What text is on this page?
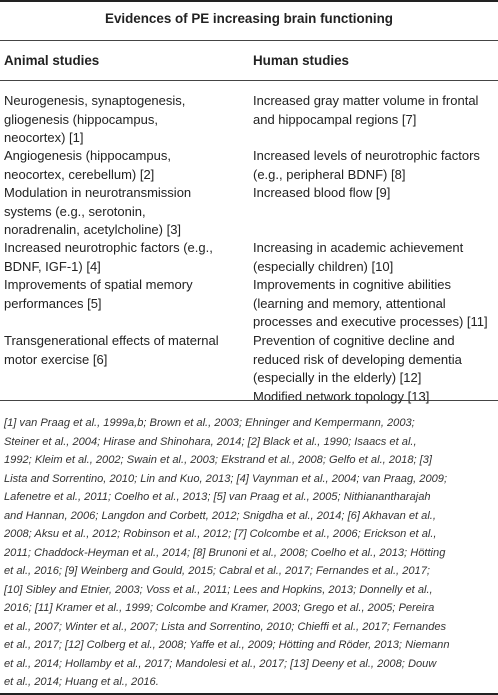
Evidences of PE increasing brain functioning
Animal studies	Human studies
Neurogenesis, synaptogenesis,
gliogenesis (hippocampus,
neocortex) [1]
Increased gray matter volume in frontal
and hippocampal regions [7]
Angiogenesis (hippocampus,
neocortex, cerebellum) [2]
Increased levels of neurotrophic factors
(e.g., peripheral BDNF) [8]
Modulation in neurotransmission
systems (e.g., serotonin,
noradrenalin, acetylcholine) [3]
Increased blood flow [9]
Increased neurotrophic factors (e.g.,
BDNF, IGF-1) [4]
Increasing in academic achievement
(especially children) [10]
Improvements of spatial memory
performances [5]
Improvements in cognitive abilities
(learning and memory, attentional
processes and executive processes) [11]
Transgenerational effects of maternal
motor exercise [6]
Prevention of cognitive decline and
reduced risk of developing dementia
(especially in the elderly) [12]
Modified network topology [13]
[1] van Praag et al., 1999a,b; Brown et al., 2003; Ehninger and Kempermann, 2003;
Steiner et al., 2004; Hirase and Shinohara, 2014; [2] Black et al., 1990; Isaacs et al.,
1992; Kleim et al., 2002; Swain et al., 2003; Ekstrand et al., 2008; Gelfo et al., 2018; [3]
Lista and Sorrentino, 2010; Lin and Kuo, 2013; [4] Vaynman et al., 2004; van Praag, 2009;
Lafenetre et al., 2011; Coelho et al., 2013; [5] van Praag et al., 2005; Nithianantharajah
and Hannan, 2006; Langdon and Corbett, 2012; Snigdha et al., 2014; [6] Akhavan et al.,
2008; Aksu et al., 2012; Robinson et al., 2012; [7] Colcombe et al., 2006; Erickson et al.,
2011; Chaddock-Heyman et al., 2014; [8] Brunoni et al., 2008; Coelho et al., 2013; Hötting
et al., 2016; [9] Weinberg and Gould, 2015; Cabral et al., 2017; Fernandes et al., 2017;
[10] Sibley and Etnier, 2003; Voss et al., 2011; Lees and Hopkins, 2013; Donnelly et al.,
2016; [11] Kramer et al., 1999; Colcombe and Kramer, 2003; Grego et al., 2005; Pereira
et al., 2007; Winter et al., 2007; Lista and Sorrentino, 2010; Chieffi et al., 2017; Fernandes
et al., 2017; [12] Colberg et al., 2008; Yaffe et al., 2009; Hötting and Röder, 2013; Niemann
et al., 2014; Hollamby et al., 2017; Mandolesi et al., 2017; [13] Deeny et al., 2008; Douw
et al., 2014; Huang et al., 2016.
